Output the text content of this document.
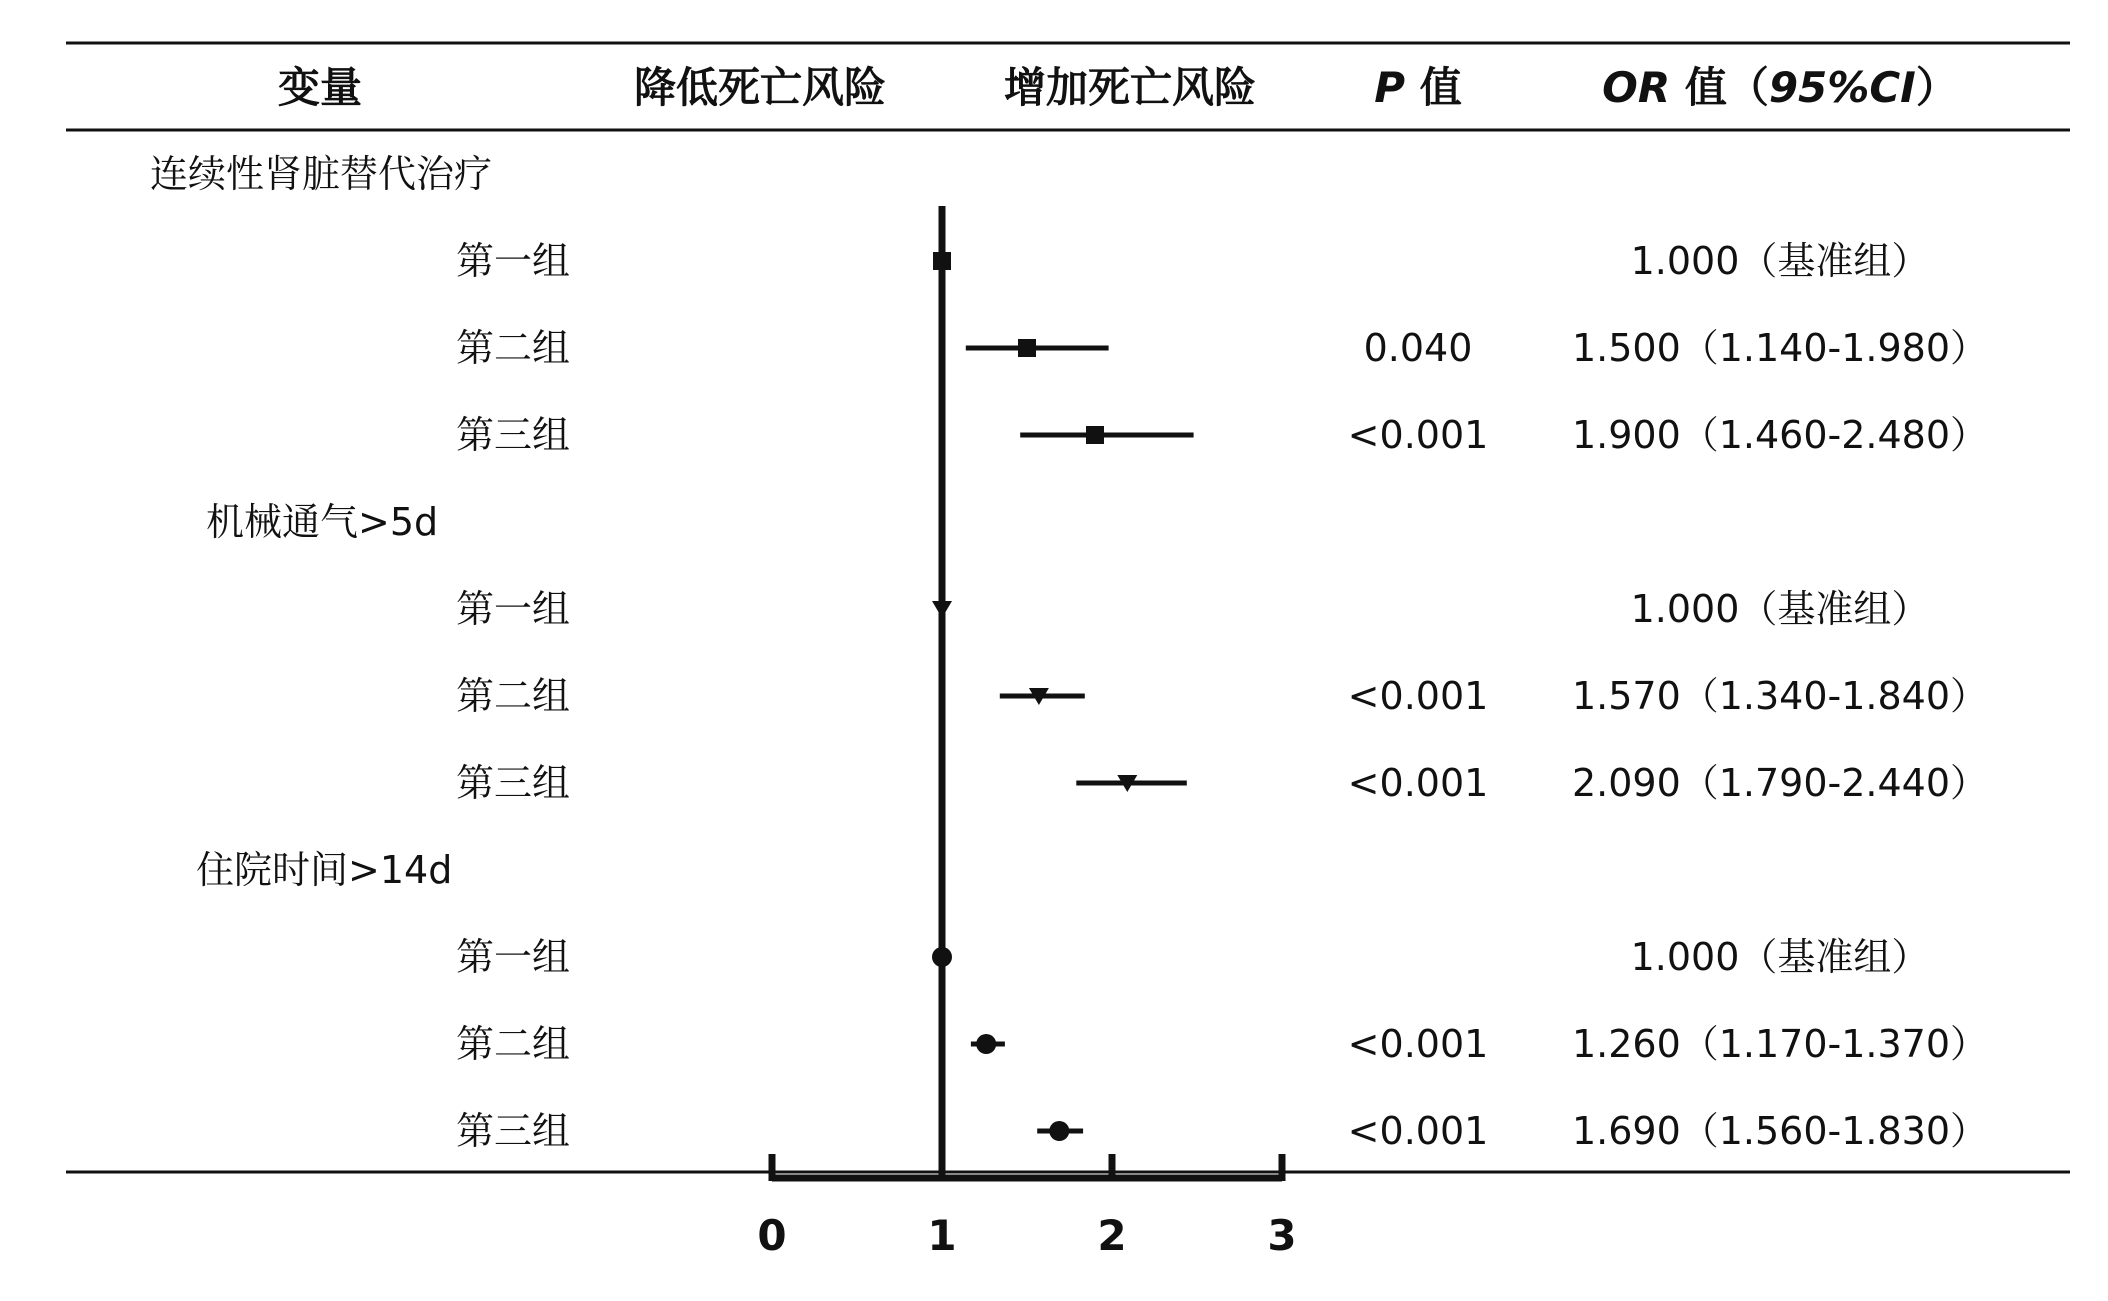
变量	降低死亡风险	增加死亡风险	P 值	OR 值（95%CI）
连续性肾脏替代治疗
第一组	1.000（基准组）
第二组	0.040	1.500（1.140-1.980）
第三组	<0.001 1.900（1.460-2.480）
机械通气>5d
第一组	1.000（基准组）
第二组	<0.001 1.570（1.340-1.840）
第三组	<0.001 2.090（1.790-2.440）
住院时间>14d
第一组	1.000（基准组）
第二组	<0.001 1.260（1.170-1.370）
第三组	<0.001 1.690（1.560-1.830）
0	1	2	3
